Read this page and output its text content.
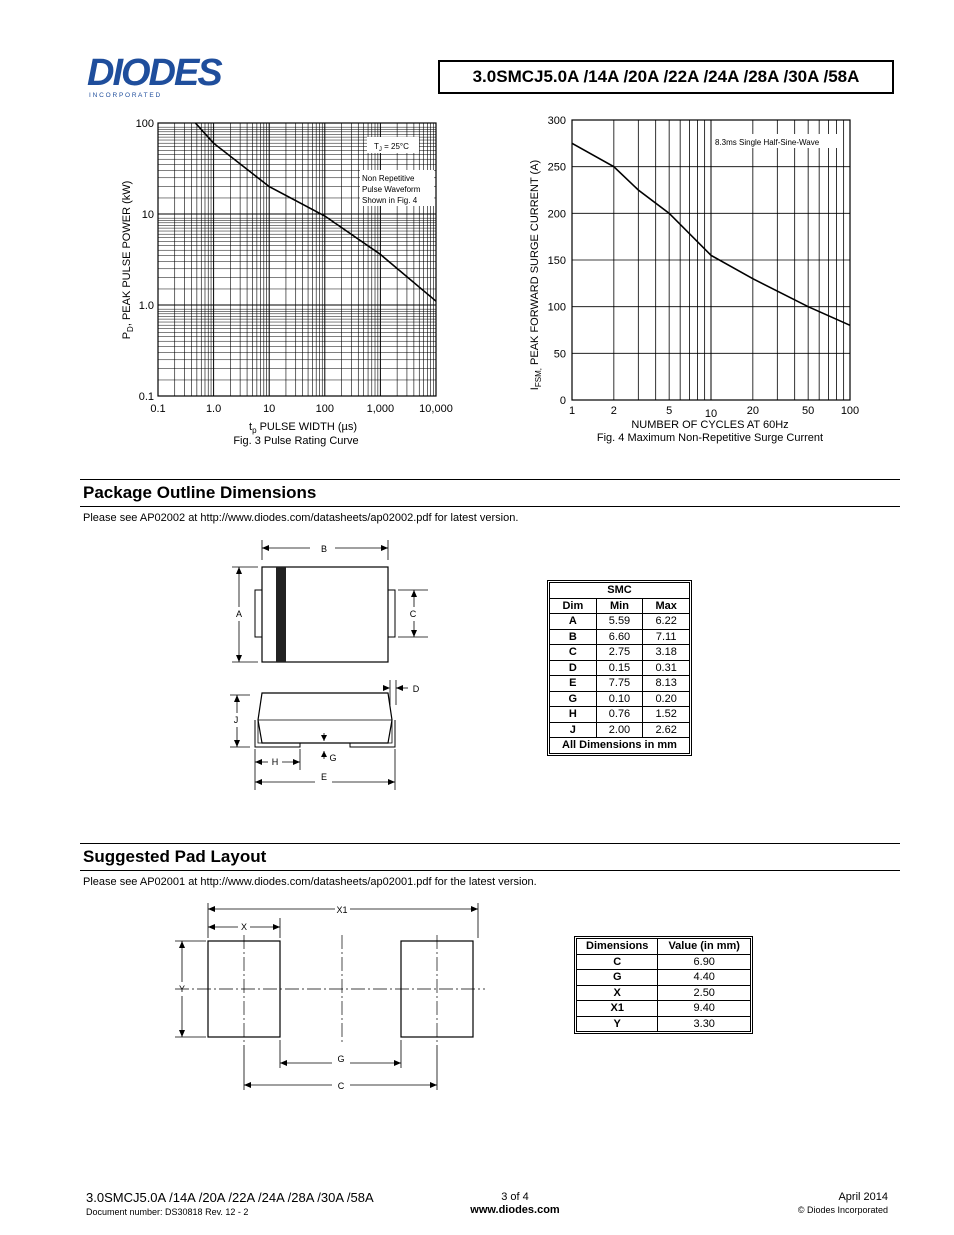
DIODES
I N C O R P O R A T E D
3.0SMCJ5.0A /14A /20A /22A /24A /28A /30A /58A
100
10
1.0
0.1
0.1	1.0	10	100	1,000 10,000
$T_J = 25^\circ C$
Non Repetitive
Pulse Waveform
Shown in Fig. 4
$P_D$, PEAK PULSE POWER (kW)
$t_p$ PULSE WIDTH (µs)
Fig. 3 Pulse Rating Curve
300
250
200
150
100
50
0
1	2	5	10	20	50 100
8.3ms Single Half-Sine-Wave
$I_{FSM,}$ PEAK FORWARD SURGE CURRENT (A)
NUMBER OF CYCLES AT 60Hz
Fig. 4 Maximum Non-Repetitive Surge Current
Package Outline Dimensions
Please see AP02002 at http://www.diodes.com/datasheets/ap02002.pdf for latest version.
B
A	C
D
J
G
H
E
SMC		
Dim	Min	Max
A	5.59	6.22
B	6.60	7.11
C	2.75	3.18
D	0.15	0.31
E	7.75	8.13
G	0.10	0.20
H	0.76	1.52
J	2.00	2.62
All Dimensions in mm		
Suggested Pad Layout
Please see AP02001 at http://www.diodes.com/datasheets/ap02001.pdf for the latest version.
X1
X
Y
G
C
Dimensions	Value (in mm)
C	6.90
G	4.40
X	2.50
X1	9.40
Y	3.30
3.0SMCJ5.0A /14A /20A /22A /24A /28A /30A /58A
Document number: DS30818 Rev. 12 - 2
3 of 4
www.diodes.com
April 2014
© Diodes Incorporated
